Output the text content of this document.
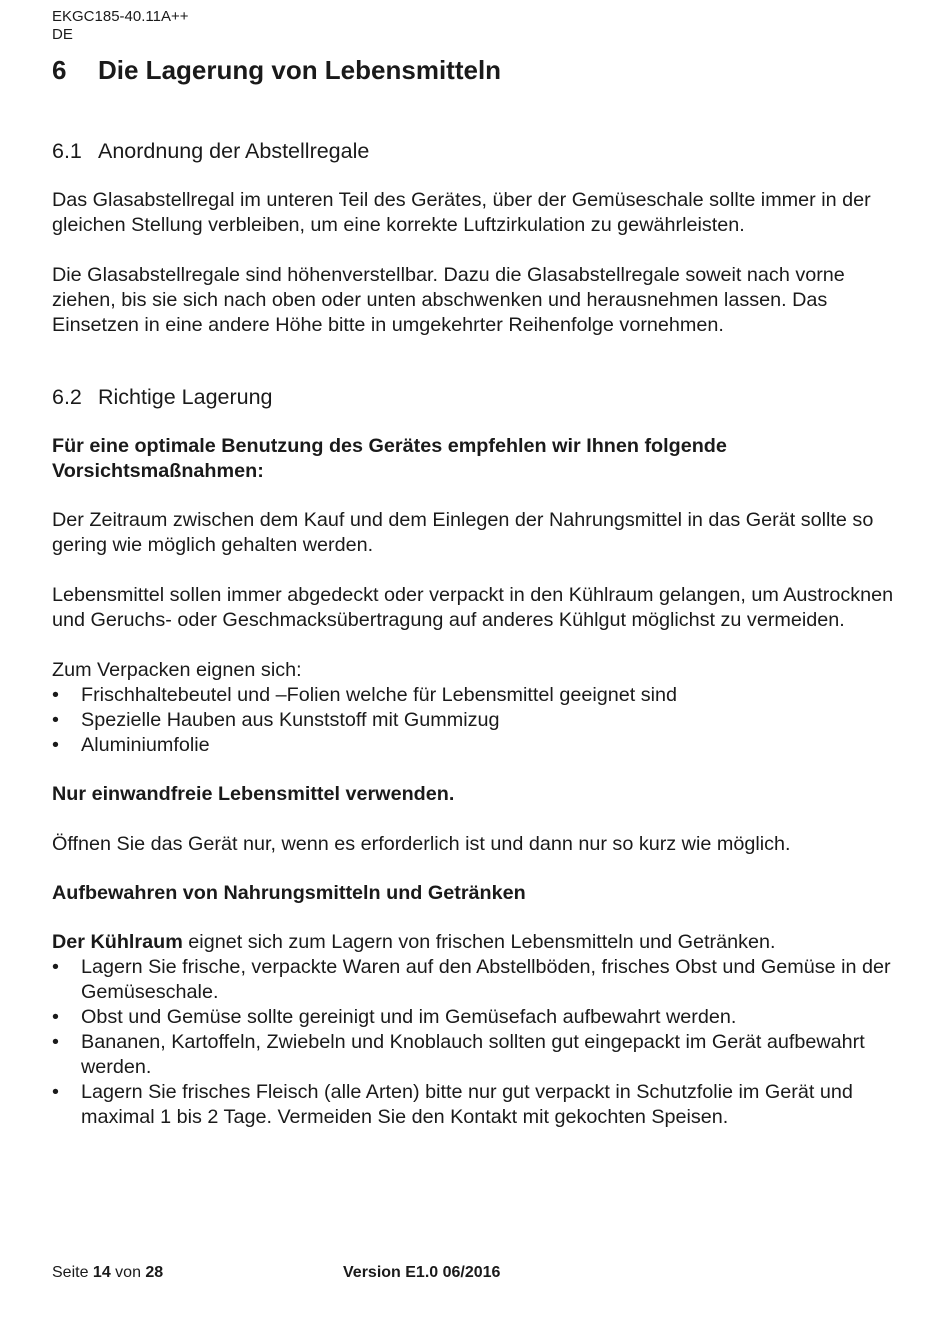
EKGC185-40.11A++
DE
6 Die Lagerung von Lebensmitteln
6.1 Anordnung der Abstellregale

Das Glasabstellregal im unteren Teil des Gerätes, über der Gemüseschale sollte immer in der gleichen Stellung verbleiben, um eine korrekte Luftzirkulation zu gewährleisten.

Die Glasabstellregale sind höhenverstellbar. Dazu die Glasabstellregale soweit nach vorne ziehen, bis sie sich nach oben oder unten abschwenken und herausnehmen lassen. Das Einsetzen in eine andere Höhe bitte in umgekehrter Reihenfolge vornehmen.

6.2 Richtige Lagerung

Für eine optimale Benutzung des Gerätes empfehlen wir Ihnen folgende Vorsichtsmaßnahmen:

Der Zeitraum zwischen dem Kauf und dem Einlegen der Nahrungsmittel in das Gerät sollte so gering wie möglich gehalten werden.

Lebensmittel sollen immer abgedeckt oder verpackt in den Kühlraum gelangen, um Austrocknen und Geruchs- oder Geschmacksübertragung auf anderes Kühlgut möglichst zu vermeiden.

Zum Verpacken eignen sich:

•	Frischhaltebeutel und –Folien welche für Lebensmittel geeignet sind
•	Spezielle Hauben aus Kunststoff mit Gummizug
•	Aluminiumfolie

Nur einwandfreie Lebensmittel verwenden.

Öffnen Sie das Gerät nur, wenn es erforderlich ist und dann nur so kurz wie möglich.

Aufbewahren von Nahrungsmitteln und Getränken

Der Kühlraum eignet sich zum Lagern von frischen Lebensmitteln und Getränken.

•	Lagern Sie frische, verpackte Waren auf den Abstellböden, frisches Obst und Gemüse in der Gemüseschale.
•	Obst und Gemüse sollte gereinigt und im Gemüsefach aufbewahrt werden.
•	Bananen, Kartoffeln, Zwiebeln und Knoblauch sollten gut eingepackt im Gerät aufbewahrt werden.
•	Lagern Sie frisches Fleisch (alle Arten) bitte nur gut verpackt in Schutzfolie im Gerät und maximal 1 bis 2 Tage. Vermeiden Sie den Kontakt mit gekochten Speisen.
Seite 14 von 28	Version E1.0 06/2016
